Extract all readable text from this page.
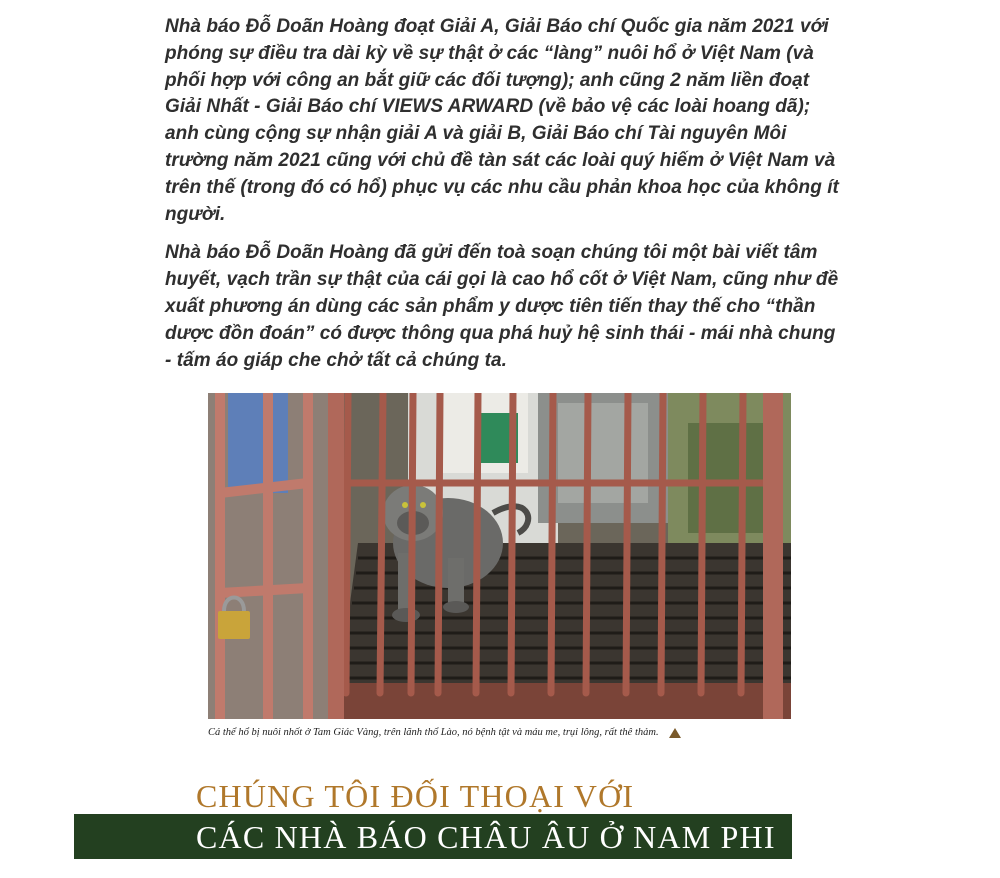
Nhà báo Đỗ Doãn Hoàng đoạt Giải A, Giải Báo chí Quốc gia năm 2021 với phóng sự điều tra dài kỳ về sự thật ở các “làng” nuôi hổ ở Việt Nam (và phối hợp với công an bắt giữ các đối tượng); anh cũng 2 năm liền đoạt Giải Nhất - Giải Báo chí VIEWS ARWARD (về bảo vệ các loài hoang dã); anh cùng cộng sự nhận giải A và giải B, Giải Báo chí Tài nguyên Môi trường năm 2021 cũng với chủ đề tàn sát các loài quý hiếm ở Việt Nam và trên thế (trong đó có hổ) phục vụ các nhu cầu phản khoa học của không ít người.

Nhà báo Đỗ Doãn Hoàng đã gửi đến toà soạn chúng tôi một bài viết tâm huyết, vạch trần sự thật của cái gọi là cao hổ cốt ở Việt Nam, cũng như đề xuất phương án dùng các sản phẩm y dược tiên tiến thay thế cho “thần dược đồn đoán” có được thông qua phá huỷ hệ sinh thái - mái nhà chung - tấm áo giáp che chở tất cả chúng ta.

Cá thể hổ bị nuôi nhốt ở Tam Giác Vàng, trên lãnh thổ Lào, nó bệnh tật và máu me, trụi lông, rất thê thảm.
CHÚNG TÔI ĐỐI THOẠI VỚI
CÁC NHÀ BÁO CHÂU ÂU Ở NAM PHI
